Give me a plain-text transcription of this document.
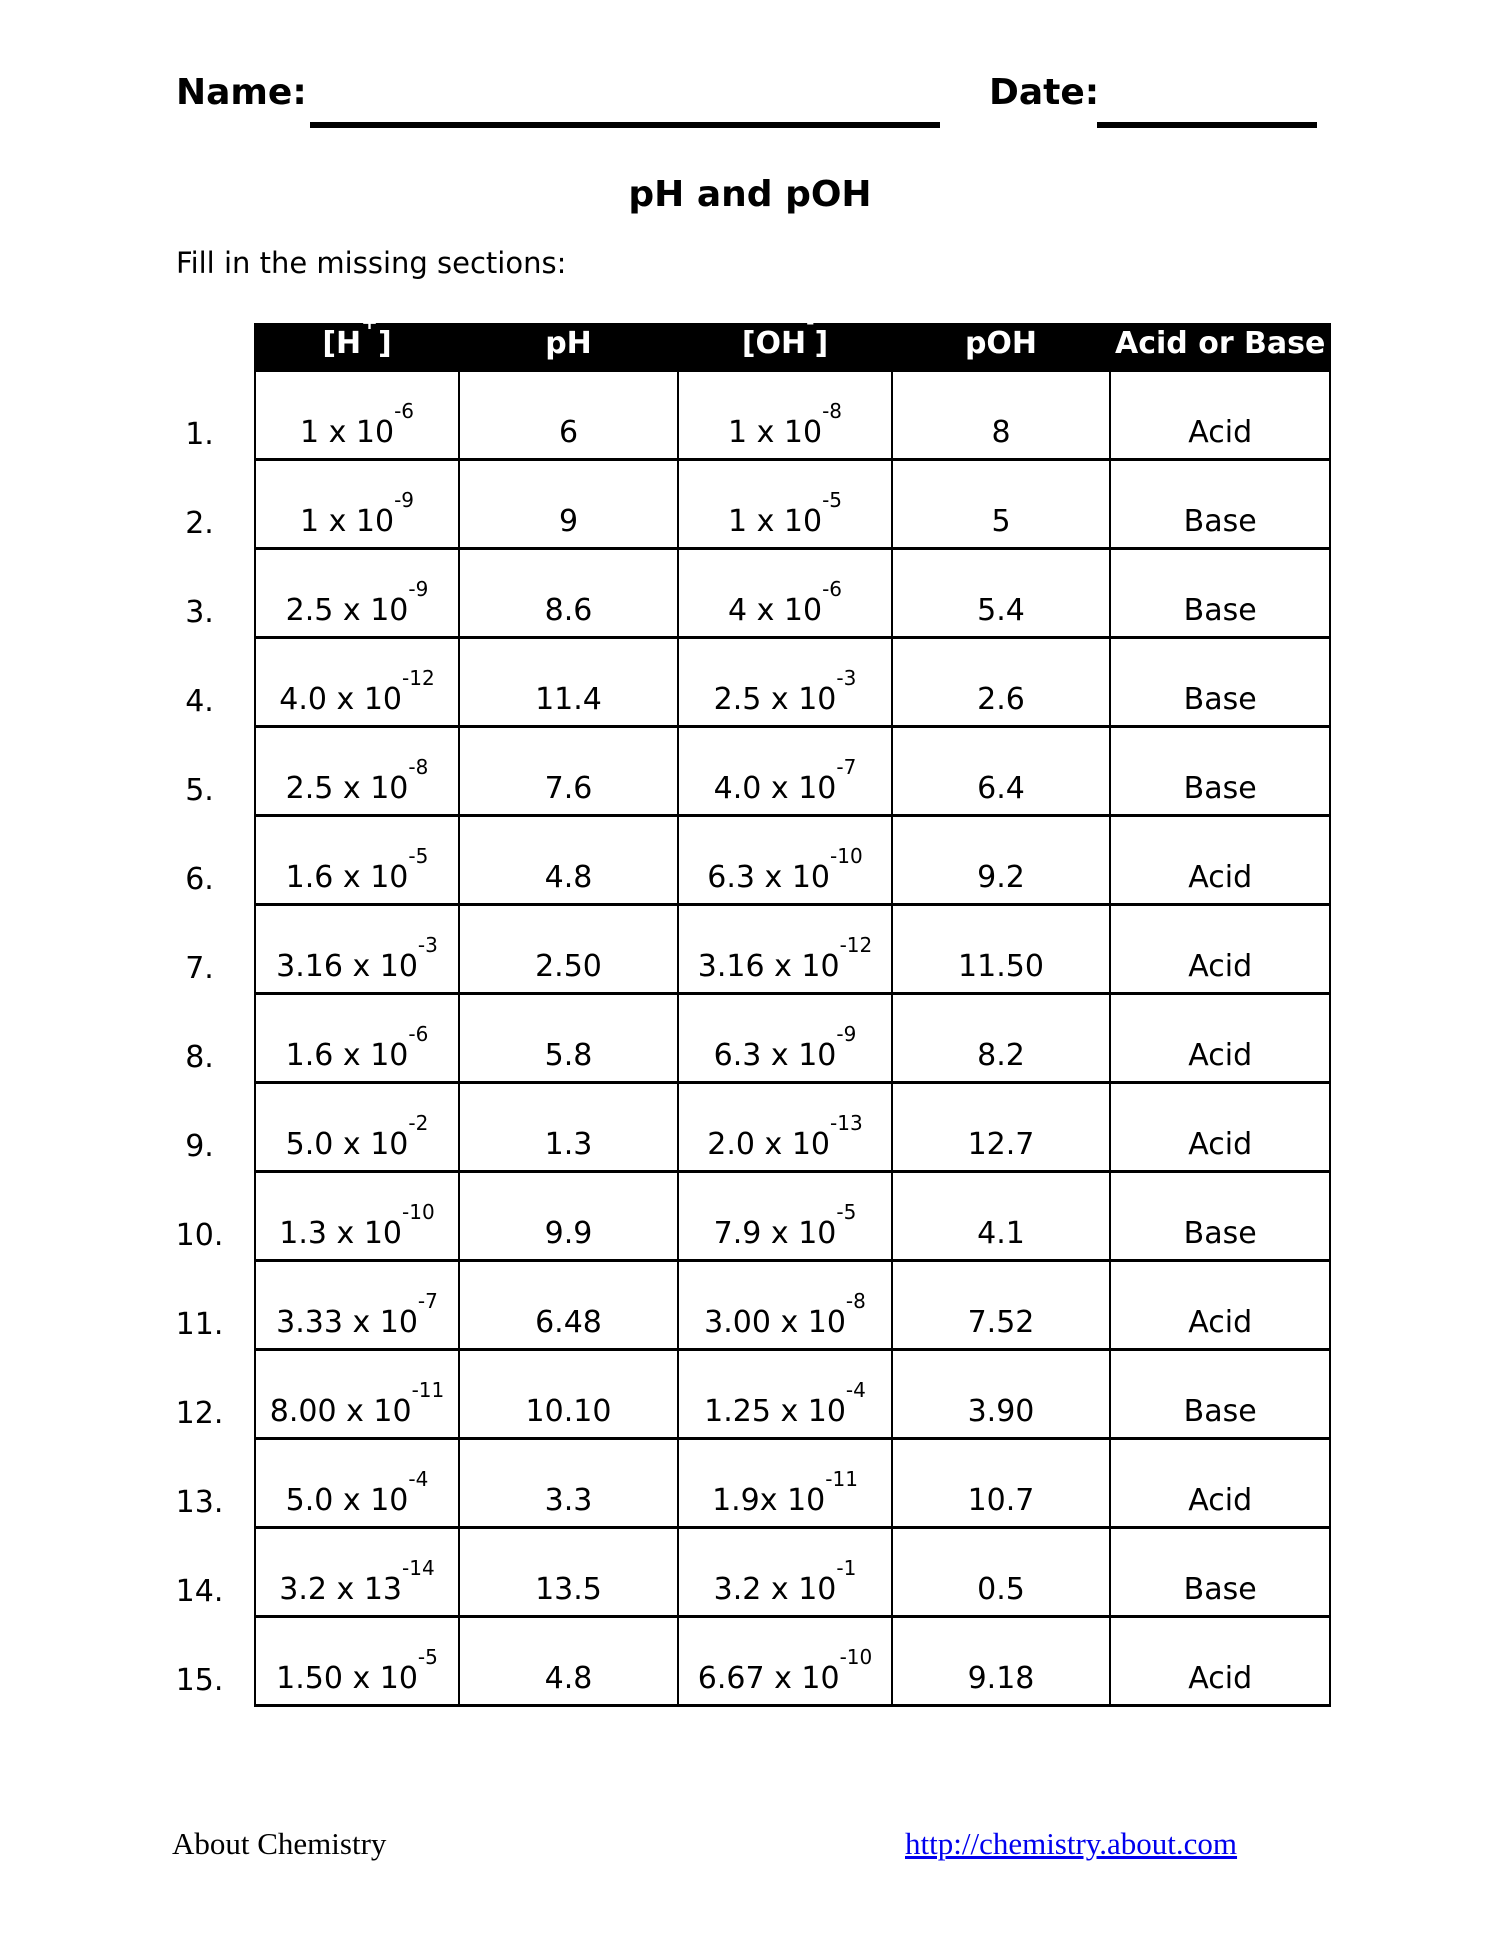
Name:	Date:
pH and pOH
Fill in the missing sections:
	[H+]	pH	[OH-]	pOH	Acid or Base
1.	1 x $10^{-6}$	6	1 x $10^{-8}$	8	Acid
2.	1 x $10^{-9}$	9	1 x $10^{-5}$	5	Base
3.	2.5 x $10^{-9}$	8.6	4 x $10^{-6}$	5.4	Base
4.	4.0 x $10^{-12}$	11.4	2.5 x $10^{-3}$	2.6	Base
5.	2.5 x $10^{-8}$	7.6	4.0 x $10^{-7}$	6.4	Base
6.	1.6 x $10^{-5}$	4.8	6.3 x $10^{-10}$	9.2	Acid
7.	3.16 x $10^{-3}$	2.50	3.16 x $10^{-12}$	11.50	Acid
8.	1.6 x $10^{-6}$	5.8	6.3 x $10^{-9}$	8.2	Acid
9.	5.0 x $10^{-2}$	1.3	2.0 x $10^{-13}$	12.7	Acid
10.	1.3 x $10^{-10}$	9.9	7.9 x $10^{-5}$	4.1	Base
11.	3.33 x $10^{-7}$	6.48	3.00 x $10^{-8}$	7.52	Acid
12.	8.00 x $10^{-11}$	10.10	1.25 x $10^{-4}$	3.90	Base
13.	5.0 x $10^{-4}$	3.3	1.9x $10^{-11}$	10.7	Acid
14.	3.2 x $13^{-14}$	13.5	3.2 x $10^{-1}$	0.5	Base
15.	1.50 x $10^{-5}$	4.8	6.67 x $10^{-10}$	9.18	Acid
About Chemistry	http://chemistry.about.com
